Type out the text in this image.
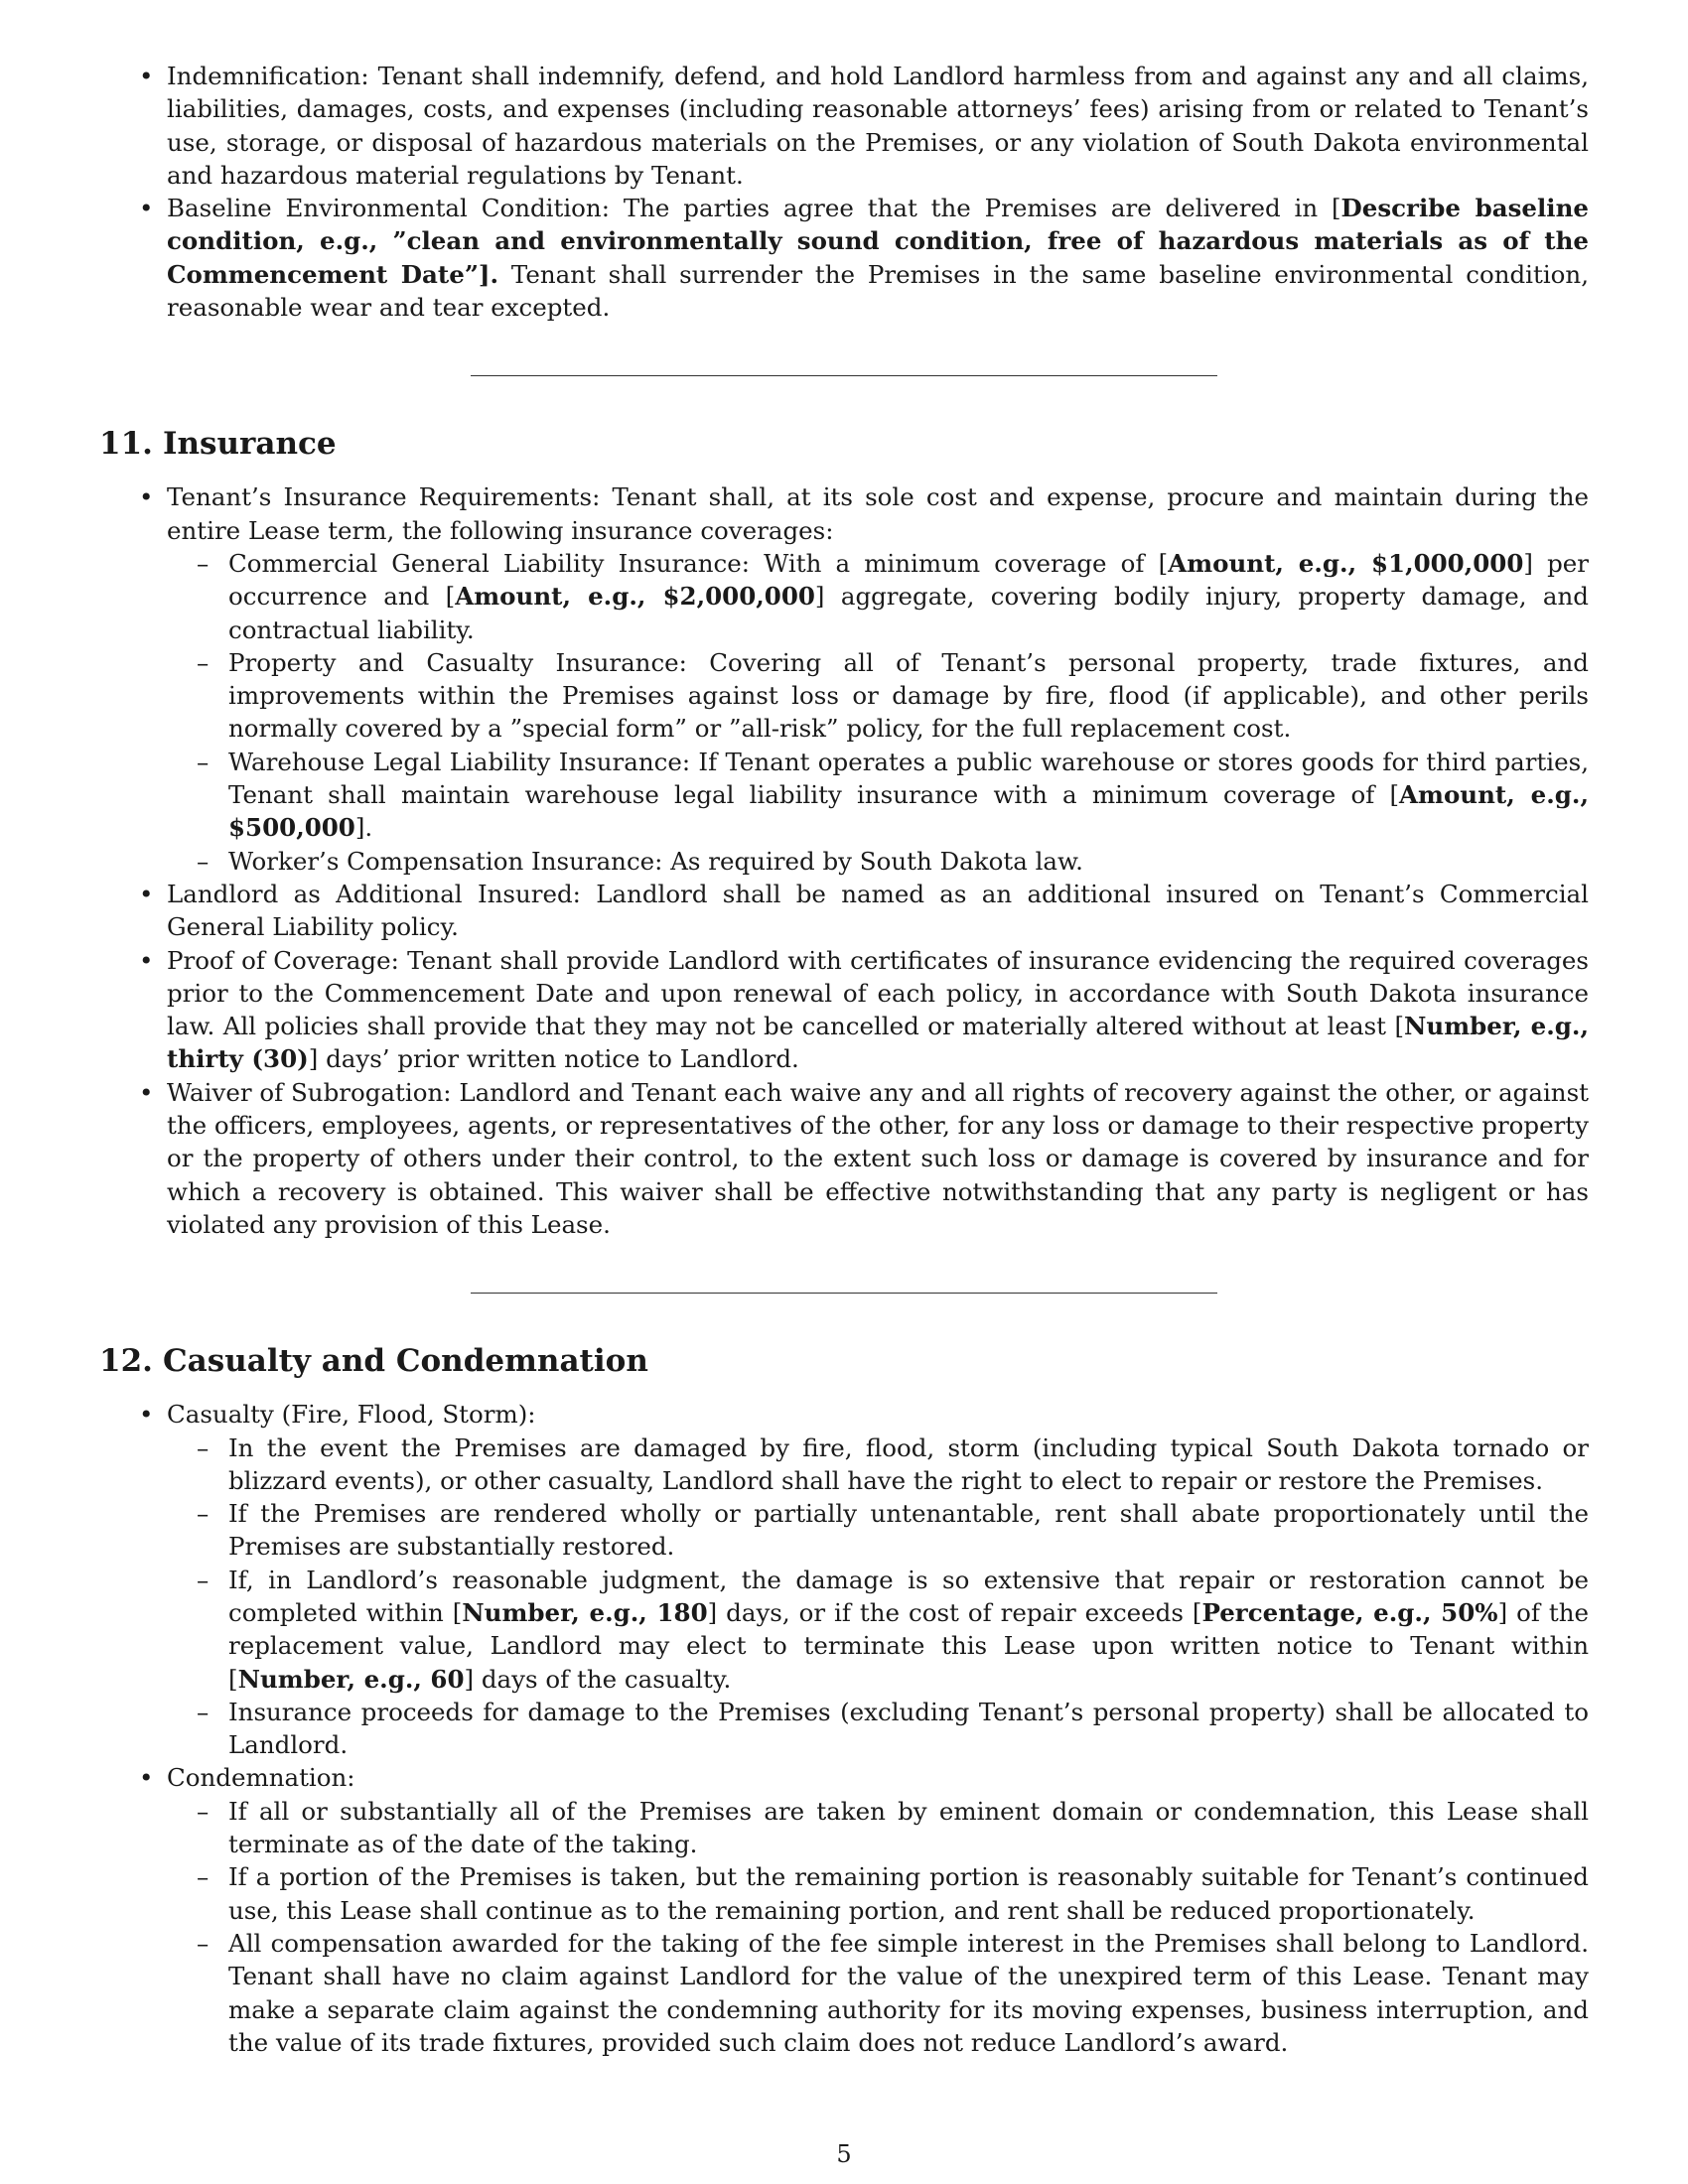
• Indemnification: Tenant shall indemnify, defend, and hold Landlord harmless from and against any and all claims, liabilities, damages, costs, and expenses (including reasonable attorneys’ fees) arising from or related to Tenant’s use, storage, or disposal of hazardous materials on the Premises, or any violation of South Dakota environmental and hazardous material regulations by Tenant.
• Baseline Environmental Condition: The parties agree that the Premises are delivered in [Describe baseline condition, e.g., ”clean and environmentally sound condition, free of hazardous materials as of the Commencement Date”]. Tenant shall surrender the Premises in the same baseline environmental condition, reasonable wear and tear excepted.
11. Insurance
• Tenant’s Insurance Requirements: Tenant shall, at its sole cost and expense, procure and maintain during the entire Lease term, the following insurance coverages:
– Commercial General Liability Insurance: With a minimum coverage of [Amount, e.g., $1,000,000] per occurrence and [Amount, e.g., $2,000,000] aggregate, covering bodily injury, property damage, and contractual liability.
– Property and Casualty Insurance: Covering all of Tenant’s personal property, trade fixtures, and improvements within the Premises against loss or damage by fire, flood (if applicable), and other perils normally covered by a ”special form” or ”all-risk” policy, for the full replacement cost.
– Warehouse Legal Liability Insurance: If Tenant operates a public warehouse or stores goods for third parties, Tenant shall maintain warehouse legal liability insurance with a minimum coverage of [Amount, e.g., $500,000].
– Worker’s Compensation Insurance: As required by South Dakota law.
• Landlord as Additional Insured: Landlord shall be named as an additional insured on Tenant’s Commercial General Liability policy.
• Proof of Coverage: Tenant shall provide Landlord with certificates of insurance evidencing the required coverages prior to the Commencement Date and upon renewal of each policy, in accordance with South Dakota insurance law. All policies shall provide that they may not be cancelled or materially altered without at least [Number, e.g., thirty (30)] days’ prior written notice to Landlord.
• Waiver of Subrogation: Landlord and Tenant each waive any and all rights of recovery against the other, or against the officers, employees, agents, or representatives of the other, for any loss or damage to their respective property or the property of others under their control, to the extent such loss or damage is covered by insurance and for which a recovery is obtained. This waiver shall be effective notwithstanding that any party is negligent or has violated any provision of this Lease.
12. Casualty and Condemnation
• Casualty (Fire, Flood, Storm):
– In the event the Premises are damaged by fire, flood, storm (including typical South Dakota tornado or blizzard events), or other casualty, Landlord shall have the right to elect to repair or restore the Premises.
– If the Premises are rendered wholly or partially untenantable, rent shall abate proportionately until the Premises are substantially restored.
– If, in Landlord’s reasonable judgment, the damage is so extensive that repair or restoration cannot be completed within [Number, e.g., 180] days, or if the cost of repair exceeds [Percentage, e.g., 50%] of the replacement value, Landlord may elect to terminate this Lease upon written notice to Tenant within [Number, e.g., 60] days of the casualty.
– Insurance proceeds for damage to the Premises (excluding Tenant’s personal property) shall be allocated to Landlord.
• Condemnation:
– If all or substantially all of the Premises are taken by eminent domain or condemnation, this Lease shall terminate as of the date of the taking.
– If a portion of the Premises is taken, but the remaining portion is reasonably suitable for Tenant’s continued use, this Lease shall continue as to the remaining portion, and rent shall be reduced proportionately.
– All compensation awarded for the taking of the fee simple interest in the Premises shall belong to Landlord. Tenant shall have no claim against Landlord for the value of the unexpired term of this Lease. Tenant may make a separate claim against the condemning authority for its moving expenses, business interruption, and the value of its trade fixtures, provided such claim does not reduce Landlord’s award.
5
